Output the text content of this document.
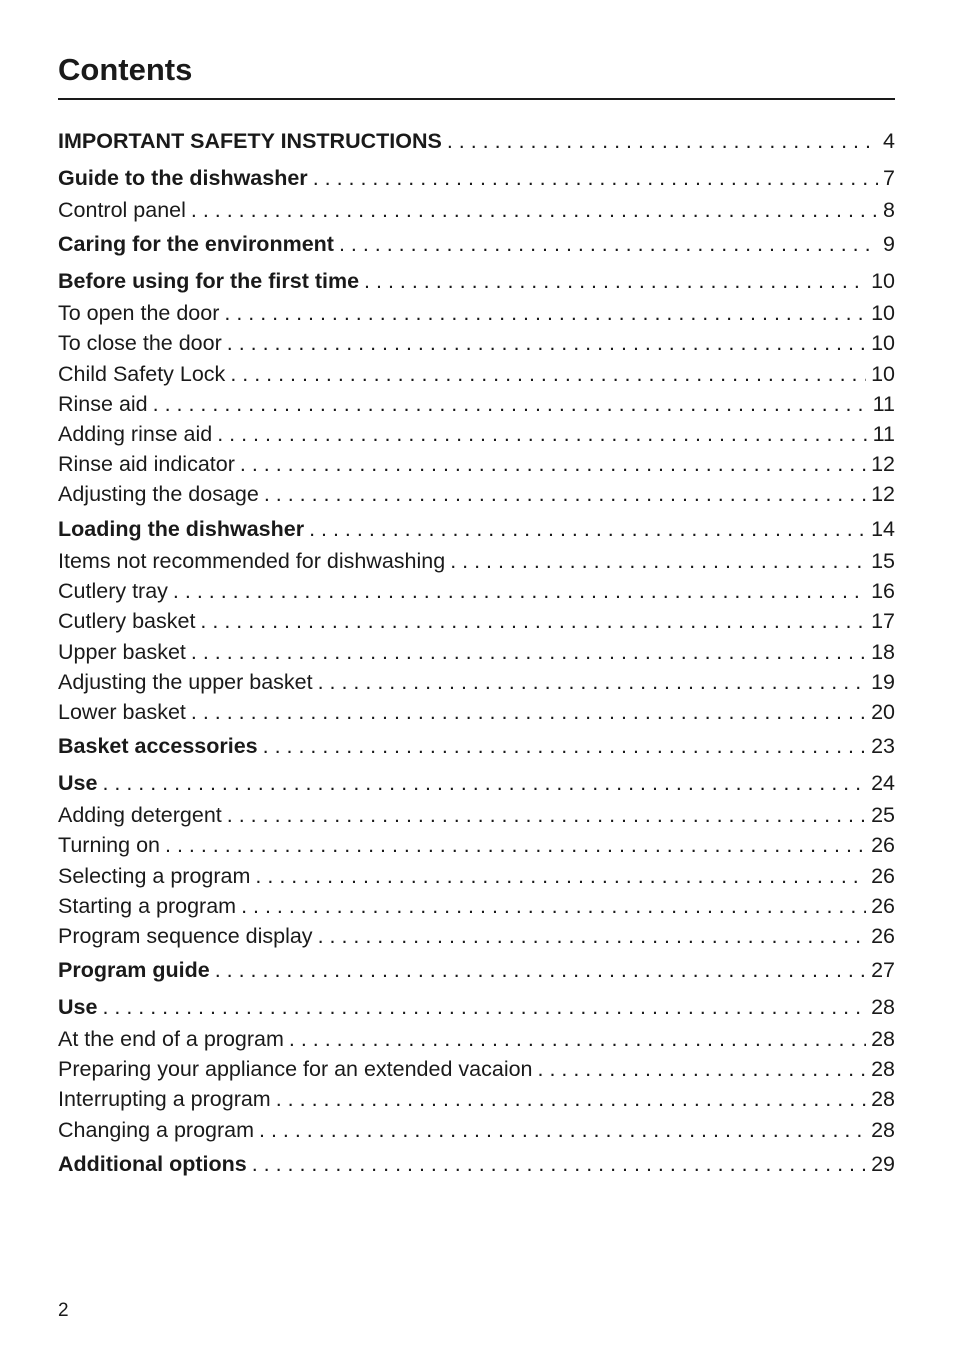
Contents
IMPORTANT SAFETY INSTRUCTIONS . . .	4
Guide to the dishwasher . . .	7
Control panel . . .	8
Caring for the environment . . .	9
Before using for the first time . . .	10
To open the door . . .	10
To close the door . . .	10
Child Safety Lock . . .	10
Rinse aid . . .	11
Adding rinse aid . . .	11
Rinse aid indicator . . .	12
Adjusting the dosage . . .	12
Loading the dishwasher . . .	14
Items not recommended for dishwashing . . .	15
Cutlery tray . . .	16
Cutlery basket . . .	17
Upper basket . . .	18
Adjusting the upper basket . . .	19
Lower basket . . .	20
Basket accessories . . .	23
Use . . .	24
Adding detergent . . .	25
Turning on . . .	26
Selecting a program . . .	26
Starting a program . . .	26
Program sequence display . . .	26
Program guide . . .	27
Use . . .	28
At the end of a program . . .	28
Preparing your appliance for an extended vacaion . . .	28
Interrupting a program . . .	28
Changing a program . . .	28
Additional options . . .	29
2
